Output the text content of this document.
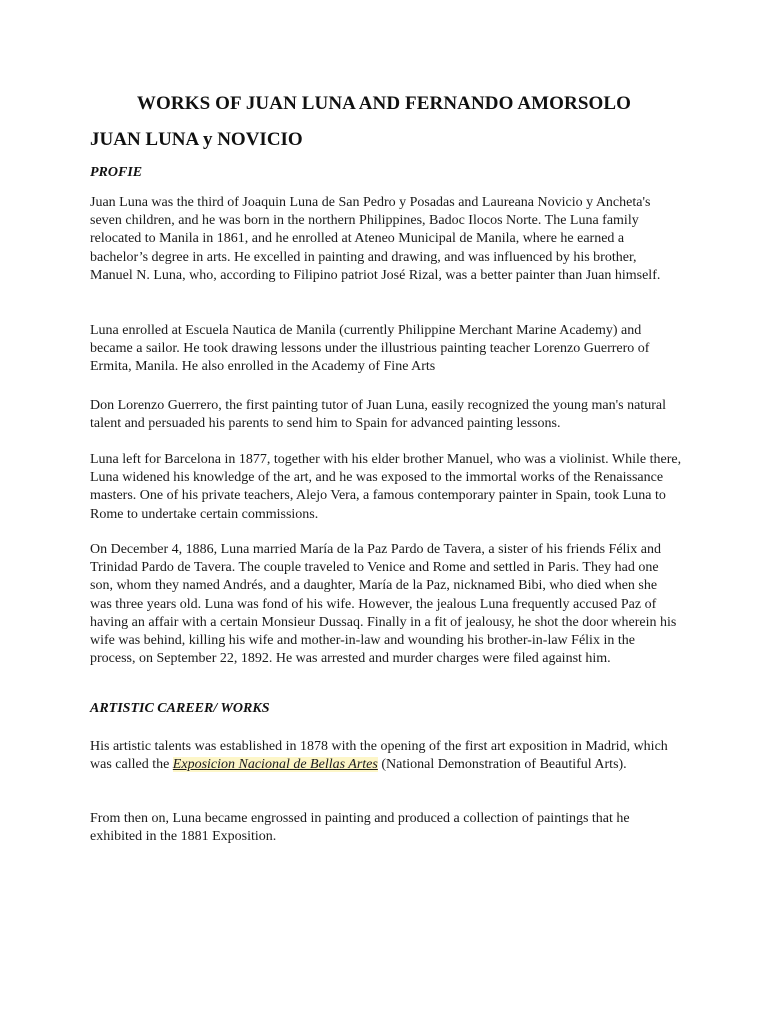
WORKS OF JUAN LUNA AND FERNANDO AMORSOLO
JUAN LUNA y NOVICIO
PROFIE

Juan Luna was the third of Joaquin Luna de San Pedro y Posadas and Laureana Novicio y Ancheta's seven children, and he was born in the northern Philippines, Badoc Ilocos Norte. The Luna family relocated to Manila in 1861, and he enrolled at Ateneo Municipal de Manila, where he earned a bachelor’s degree in arts. He excelled in painting and drawing, and was influenced by his brother, Manuel N. Luna, who, according to Filipino patriot José Rizal, was a better painter than Juan himself.

Luna enrolled at Escuela Nautica de Manila (currently Philippine Merchant Marine Academy) and became a sailor. He took drawing lessons under the illustrious painting teacher Lorenzo Guerrero of Ermita, Manila. He also enrolled in the Academy of Fine Arts

Don Lorenzo Guerrero, the first painting tutor of Juan Luna, easily recognized the young man's natural talent and persuaded his parents to send him to Spain for advanced painting lessons.

Luna left for Barcelona in 1877, together with his elder brother Manuel, who was a violinist. While there, Luna widened his knowledge of the art, and he was exposed to the immortal works of the Renaissance masters. One of his private teachers, Alejo Vera, a famous contemporary painter in Spain, took Luna to Rome to undertake certain commissions.

On December 4, 1886, Luna married María de la Paz Pardo de Tavera, a sister of his friends Félix and Trinidad Pardo de Tavera. The couple traveled to Venice and Rome and settled in Paris. They had one son, whom they named Andrés, and a daughter, María de la Paz, nicknamed Bibi, who died when she was three years old. Luna was fond of his wife. However, the jealous Luna frequently accused Paz of having an affair with a certain Monsieur Dussaq. Finally in a fit of jealousy, he shot the door wherein his wife was behind, killing his wife and mother-in-law and wounding his brother-in-law Félix in the process, on September 22, 1892. He was arrested and murder charges were filed against him.

ARTISTIC CAREER/ WORKS

His artistic talents was established in 1878 with the opening of the first art exposition in Madrid, which was called the Exposicion Nacional de Bellas Artes (National Demonstration of Beautiful Arts).

From then on, Luna became engrossed in painting and produced a collection of paintings that he exhibited in the 1881 Exposition.
